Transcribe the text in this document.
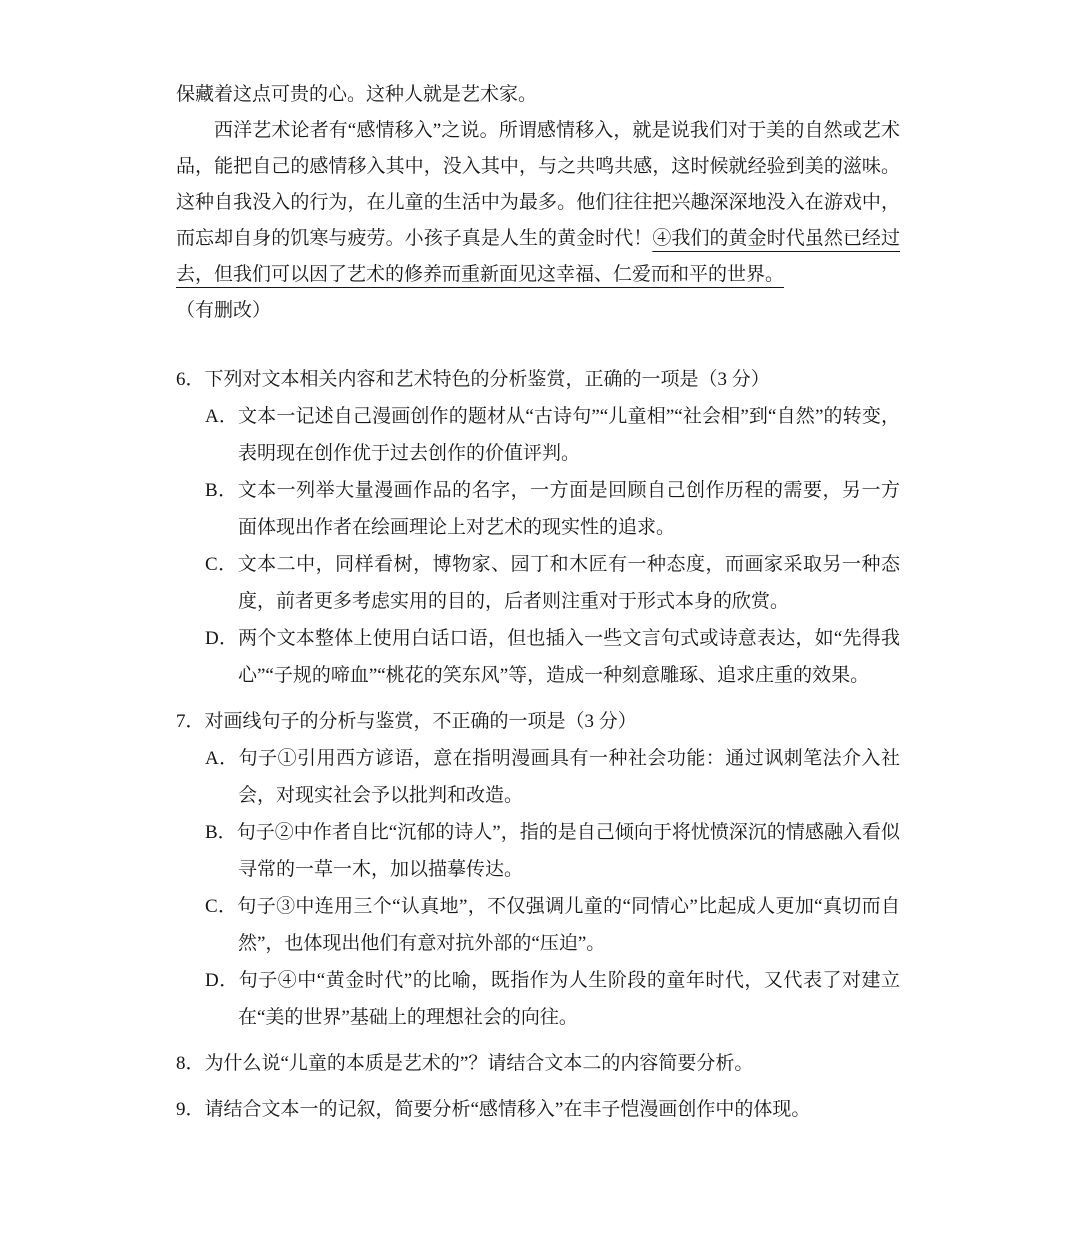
保藏着这点可贵的心。这种人就是艺术家。

西洋艺术论者有“感情移入”之说。所谓感情移入，就是说我们对于美的自然或艺术品，能把自己的感情移入其中，没入其中，与之共鸣共感，这时候就经验到美的滋味。这种自我没入的行为，在儿童的生活中为最多。他们往往把兴趣深深地没入在游戏中，而忘却自身的饥寒与疲劳。小孩子真是人生的黄金时代！④我们的黄金时代虽然已经过去，但我们可以因了艺术的修养而重新面见这幸福、仁爱而和平的世界。

（有删改）

6．下列对文本相关内容和艺术特色的分析鉴赏，正确的一项是（3 分）

A．文本一记述自己漫画创作的题材从“古诗句”“儿童相”“社会相”到“自然”的转变，表明现在创作优于过去创作的价值评判。

B．文本一列举大量漫画作品的名字，一方面是回顾自己创作历程的需要，另一方面体现出作者在绘画理论上对艺术的现实性的追求。

C．文本二中，同样看树，博物家、园丁和木匠有一种态度，而画家采取另一种态度，前者更多考虑实用的目的，后者则注重对于形式本身的欣赏。

D．两个文本整体上使用白话口语，但也插入一些文言句式或诗意表达，如“先得我心”“子规的啼血”“桃花的笑东风”等，造成一种刻意雕琢、追求庄重的效果。

7．对画线句子的分析与鉴赏，不正确的一项是（3 分）

A．句子①引用西方谚语，意在指明漫画具有一种社会功能：通过讽刺笔法介入社会，对现实社会予以批判和改造。

B．句子②中作者自比“沉郁的诗人”，指的是自己倾向于将忧愤深沉的情感融入看似寻常的一草一木，加以描摹传达。

C．句子③中连用三个“认真地”，不仅强调儿童的“同情心”比起成人更加“真切而自然”，也体现出他们有意对抗外部的“压迫”。

D．句子④中“黄金时代”的比喻，既指作为人生阶段的童年时代，又代表了对建立在“美的世界”基础上的理想社会的向往。

8．为什么说“儿童的本质是艺术的”？请结合文本二的内容简要分析。

9．请结合文本一的记叙，简要分析“感情移入”在丰子恺漫画创作中的体现。
